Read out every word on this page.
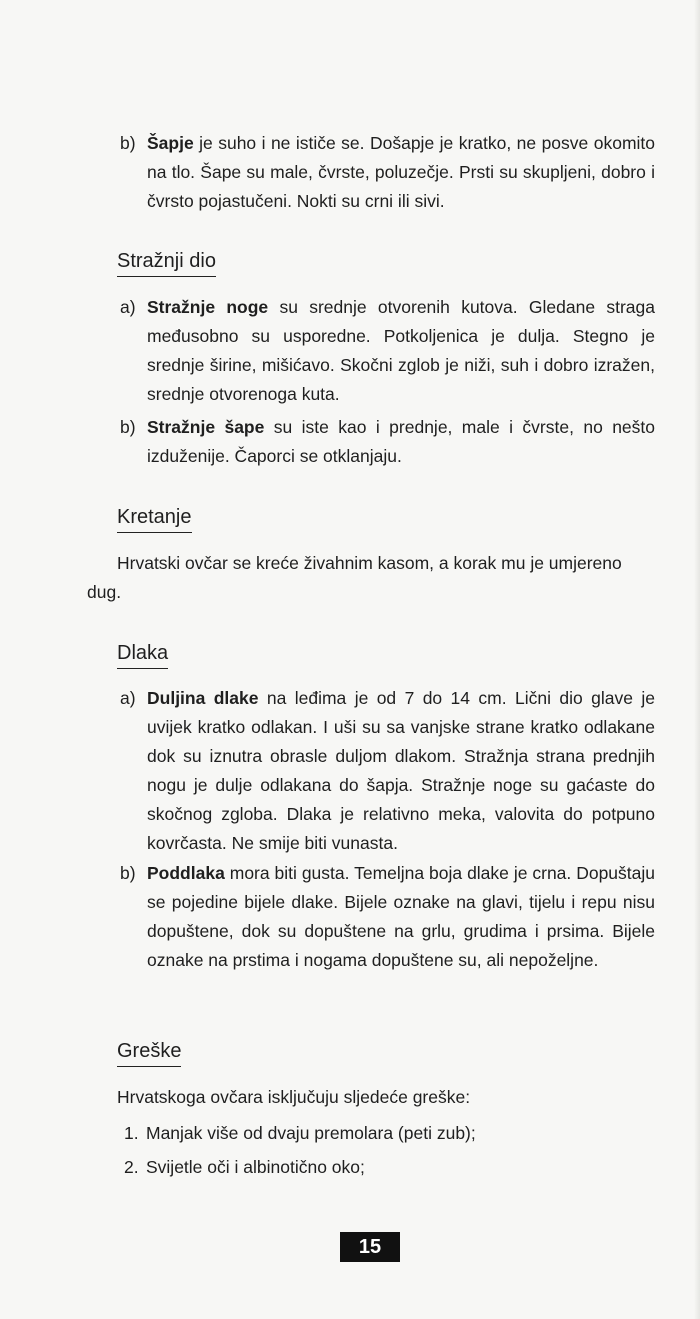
b) Šapje je suho i ne ističe se. Došapje je kratko, ne posve okomito na tlo. Šape su male, čvrste, poluzečje. Prsti su skupljeni, dobro i čvrsto pojastučeni. Nokti su crni ili sivi.
Stražnji dio
a) Stražnje noge su srednje otvorenih kutova. Gledane straga međusobno su usporedne. Potkoljenica je dulja. Stegno je srednje širine, mišićavo. Skočni zglob je niži, suh i dobro izražen, srednje otvorenoga kuta.
b) Stražnje šape su iste kao i prednje, male i čvrste, no nešto izduženije. Čaporci se otklanjaju.
Kretanje
Hrvatski ovčar se kreće živahnim kasom, a korak mu je umjereno dug.
Dlaka
a) Duljina dlake na leđima je od 7 do 14 cm. Lični dio glave je uvijek kratko odlakan. I uši su sa vanjske strane kratko odlakane dok su iznutra obrasle duljom dlakom. Stražnja strana prednjih nogu je dulje odlakana do šapja. Stražnje noge su gaćaste do skočnog zgloba. Dlaka je relativno meka, valovita do potpuno kovrčasta. Ne smije biti vunasta.
b) Poddlaka mora biti gusta. Temeljna boja dlake je crna. Dopuštaju se pojedine bijele dlake. Bijele oznake na glavi, tijelu i repu nisu dopuštene, dok su dopuštene na grlu, grudima i prsima. Bijele oznake na prstima i nogama dopuštene su, ali nepoželjne.
Greške
Hrvatskoga ovčara isključuju sljedeće greške:
1. Manjak više od dvaju premolara (peti zub);
2. Svijetle oči i albinotično oko;
15
